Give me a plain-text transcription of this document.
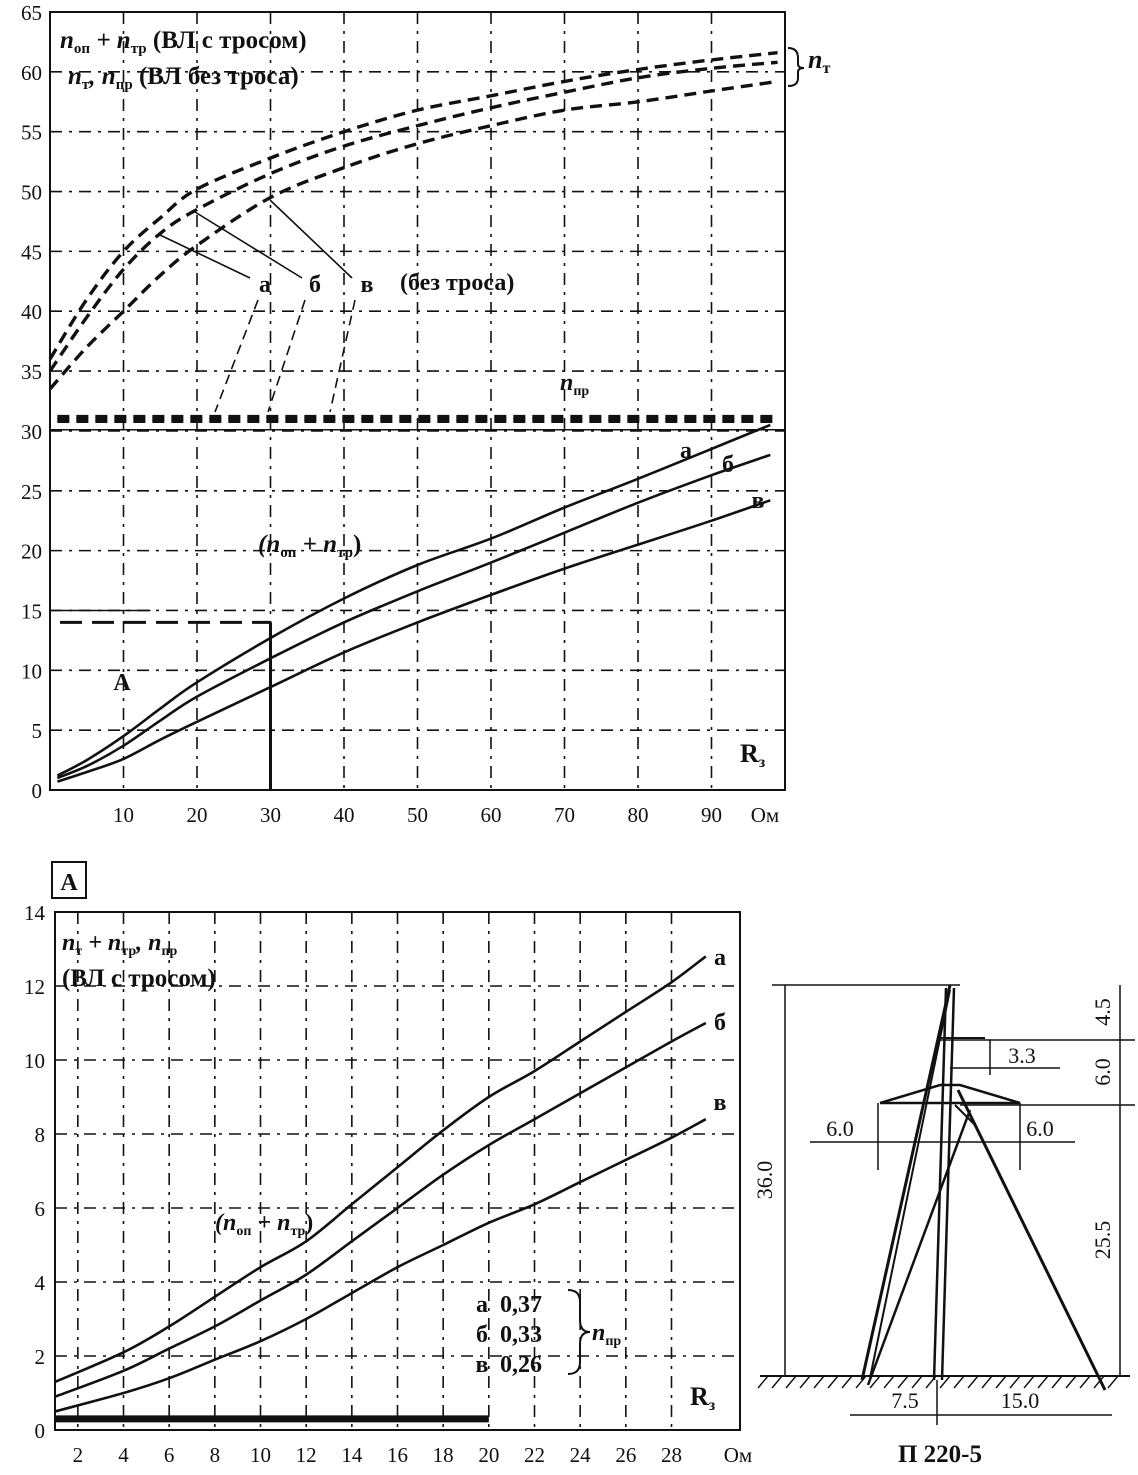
0
5
10
15
20
25
30
35
40
45
50
55
60
65
10	20	30	40	50	60	70	80	90 Ом
Rз
А
$n_{оп} + n_{тр}$ (ВЛ с тросом)
$n_т$, $n_{пр}$ (ВЛ без троса)
$(n_{оп} + n_{тр})$
$n_{пр}$
nт
а б в (без троса)
а
б
в
0
2
4
6
8
10
12
14
2 4 6 8 10 12 14 16 18 20 22 24 26 28 Ом
Rз
А
$n_т + n_{тр}$, $n_{пр}$
(ВЛ с тросом)
$(n_{оп} + n_{тр})$
а
б
в
а 0,37
б 0,33
в 0,26
$n_{пр}$
36.0
4.5
6.0
25.5
3.3
6.0	6.0
7.5	15.0
П 220-5
